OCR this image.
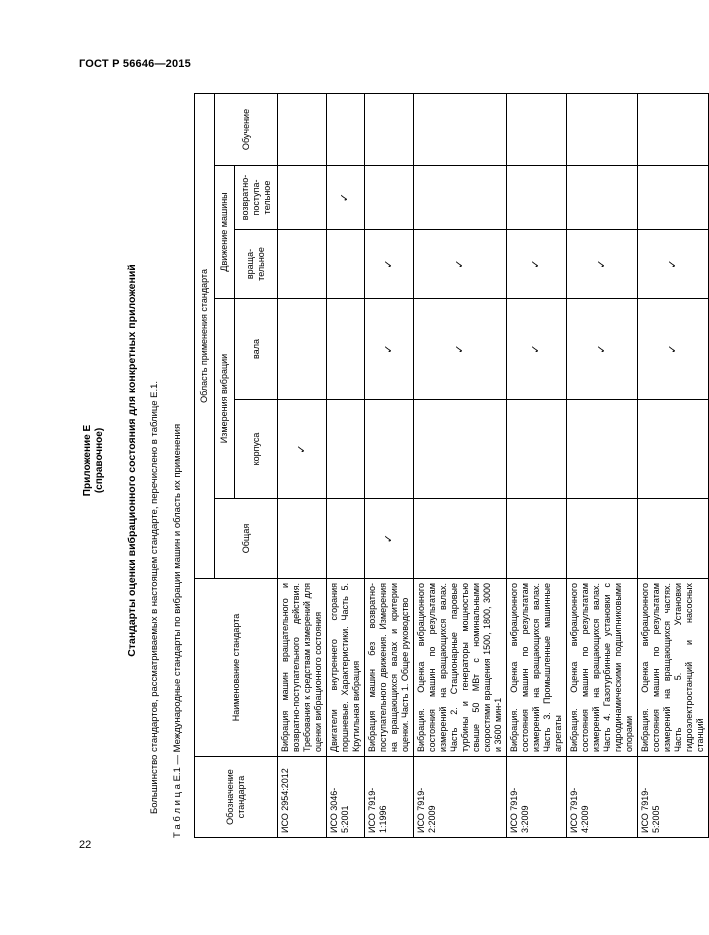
ГОСТ Р 56646—2015
22
Приложение Е (справочное) Стандарты оценки вибрационного состояния для конкретных приложений Большинство стандартов, рассматриваемых в настоящем стандарте, перечислено в таблице Е.1. Т а б л и ц а Е.1 — Международные стандарты по вибрации машин и область их применения	Обозначение стандарта	Наименование стандарта	Область применения стандарта					
		Общая	Измерения вибрации		Движение машины		Обучение
			корпуса	вала	враща- тельное	возвратно- поступа- тельное	
ИСО 2954:2012	Вибрация машин вращательного и возвратно-поступательного действия. Требования к средствам измерений для оценки вибрационного состояния		✓				
ИСО 3046-5:2001	Двигатели внутреннего сгорания поршневые. Характеристики. Часть 5. Крутильная вибрация					✓	
ИСО 7919-1:1996	Вибрация машин без возвратно-поступательного движения. Измерения на вращающихся валах и критерии оценки. Часть 1. Общее руководство	✓		✓	✓		
ИСО 7919-2:2009	Вибрация. Оценка вибрационного состояния машин по результатам измерений на вращающихся валах. Часть 2. Стационарные паровые турбины и генераторы мощностью свыше 50 МВт с номинальными скоростями вращения 1500, 1800, 3000 и 3600 мин-1			✓	✓		
ИСО 7919-3:2009	Вибрация. Оценка вибрационного состояния машин по результатам измерений на вращающихся валах. Часть 3. Промышленные машинные агрегаты			✓	✓		
ИСО 7919-4:2009	Вибрация. Оценка вибрационного состояния машин по результатам измерений на вращающихся валах. Часть 4. Газотурбинные установки с гидродинамическими подшипниковыми опорами			✓	✓		
ИСО 7919-5:2005	Вибрация. Оценка вибрационного состояния машин по результатам измерений на вращающихся частях. Часть 5. Установки гидроэлектростанций и насосных станций			✓	✓		
